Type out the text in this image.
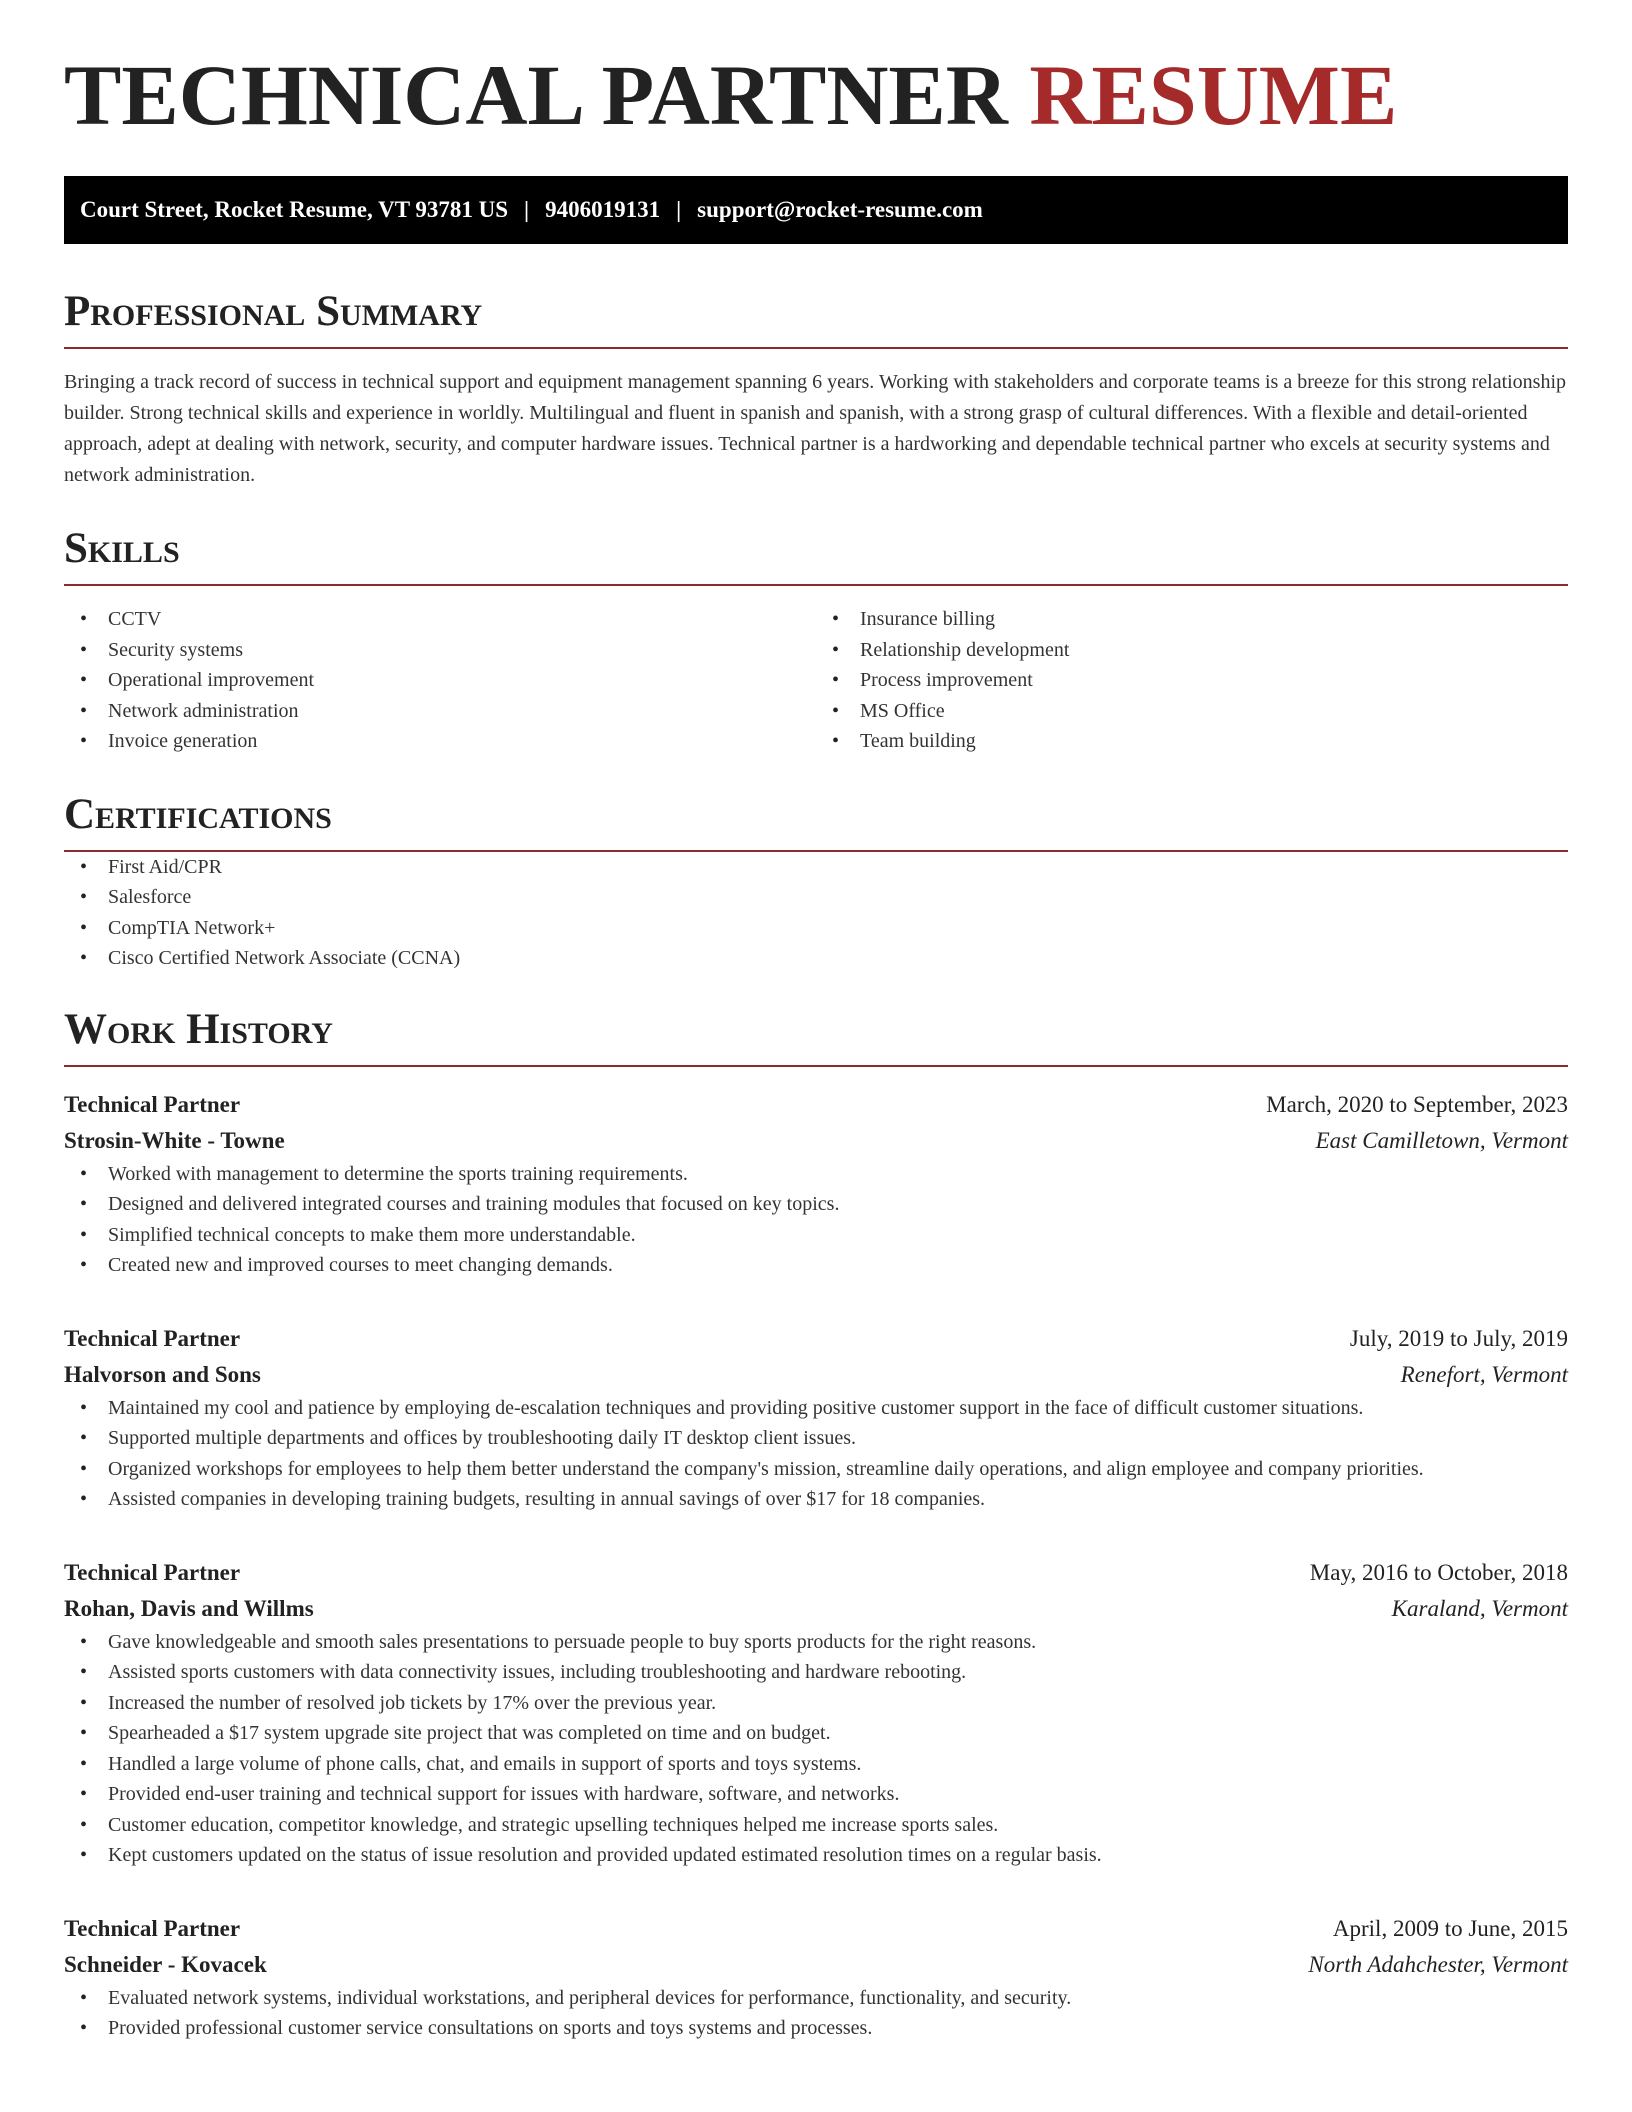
TECHNICAL PARTNER RESUME
Court Street, Rocket Resume, VT 93781 US | 9406019131 | support@rocket-resume.com
Professional Summary

Bringing a track record of success in technical support and equipment management spanning 6 years. Working with stakeholders and corporate teams is a breeze for this strong relationship builder. Strong technical skills and experience in worldly. Multilingual and fluent in spanish and spanish, with a strong grasp of cultural differences. With a flexible and detail-oriented approach, adept at dealing with network, security, and computer hardware issues. Technical partner is a hardworking and dependable technical partner who excels at security systems and network administration.

Skills
• CCTV
• Security systems
• Operational improvement
• Network administration
• Invoice generation
• Insurance billing
• Relationship development
• Process improvement
• MS Office
• Team building
Certifications
• First Aid/CPR
• Salesforce
• CompTIA Network+
• Cisco Certified Network Associate (CCNA)
Work History
Technical Partner	March, 2020 to September, 2023
Strosin-White - Towne	East Camilletown, Vermont
• Worked with management to determine the sports training requirements.
• Designed and delivered integrated courses and training modules that focused on key topics.
• Simplified technical concepts to make them more understandable.
• Created new and improved courses to meet changing demands.
Technical Partner	July, 2019 to July, 2019
Halvorson and Sons	Renefort, Vermont
• Maintained my cool and patience by employing de-escalation techniques and providing positive customer support in the face of difficult customer situations.
• Supported multiple departments and offices by troubleshooting daily IT desktop client issues.
• Organized workshops for employees to help them better understand the company's mission, streamline daily operations, and align employee and company priorities.
• Assisted companies in developing training budgets, resulting in annual savings of over $17 for 18 companies.
Technical Partner	May, 2016 to October, 2018
Rohan, Davis and Willms	Karaland, Vermont
• Gave knowledgeable and smooth sales presentations to persuade people to buy sports products for the right reasons.
• Assisted sports customers with data connectivity issues, including troubleshooting and hardware rebooting.
• Increased the number of resolved job tickets by 17% over the previous year.
• Spearheaded a $17 system upgrade site project that was completed on time and on budget.
• Handled a large volume of phone calls, chat, and emails in support of sports and toys systems.
• Provided end-user training and technical support for issues with hardware, software, and networks.
• Customer education, competitor knowledge, and strategic upselling techniques helped me increase sports sales.
• Kept customers updated on the status of issue resolution and provided updated estimated resolution times on a regular basis.
Technical Partner	April, 2009 to June, 2015
Schneider - Kovacek	North Adahchester, Vermont
• Evaluated network systems, individual workstations, and peripheral devices for performance, functionality, and security.
• Provided professional customer service consultations on sports and toys systems and processes.
